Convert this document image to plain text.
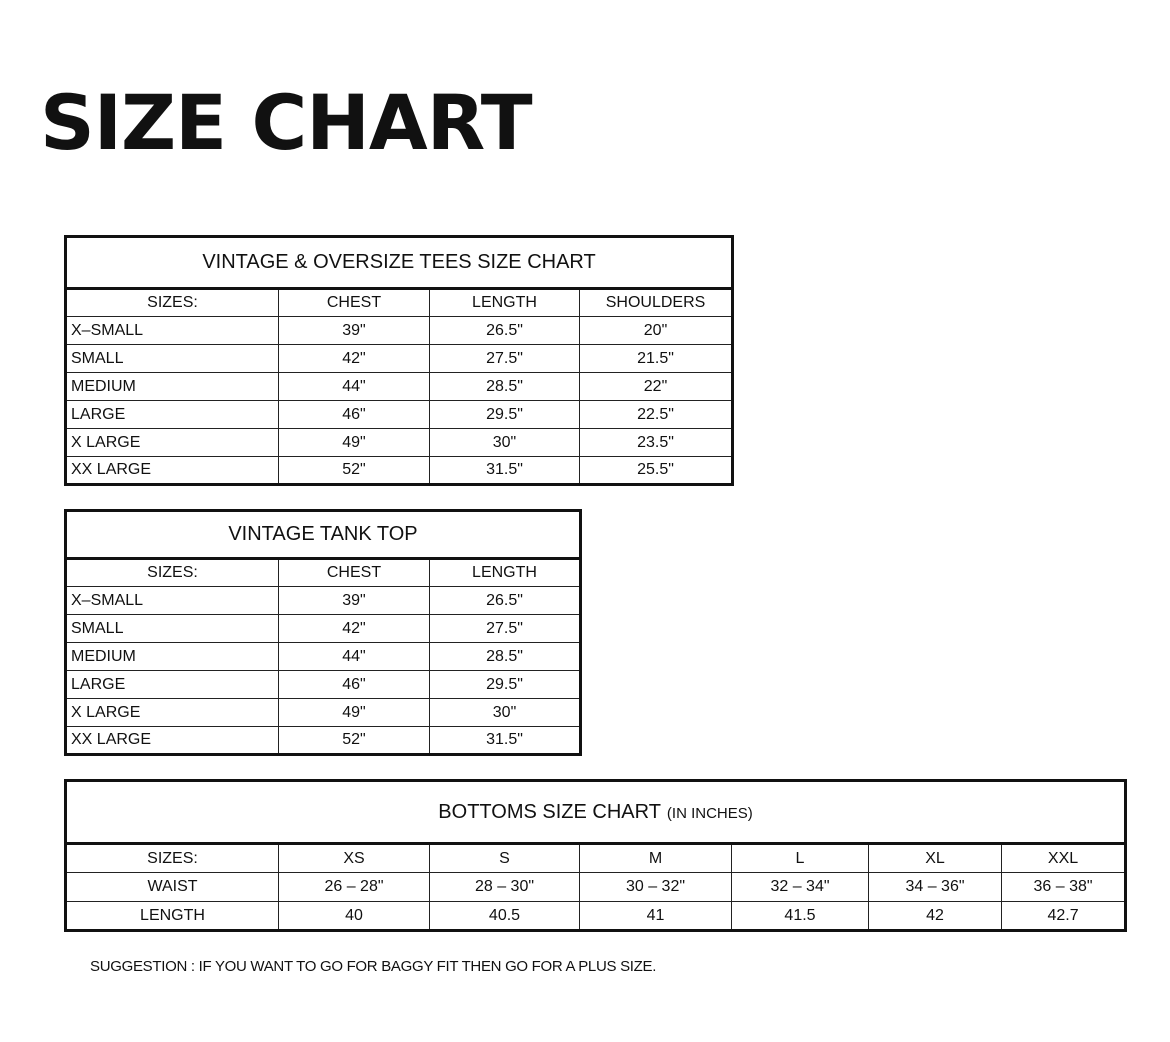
SIZE CHART
VINTAGE & OVERSIZE TEES SIZE CHART			
SIZES:	CHEST	LENGTH	SHOULDERS
X–SMALL	39"	26.5"	20"
SMALL	42"	27.5"	21.5"
MEDIUM	44"	28.5"	22"
LARGE	46"	29.5"	22.5"
X LARGE	49"	30"	23.5"
XX LARGE	52"	31.5"	25.5"
VINTAGE TANK TOP		
SIZES:	CHEST	LENGTH
X–SMALL	39"	26.5"
SMALL	42"	27.5"
MEDIUM	44"	28.5"
LARGE	46"	29.5"
X LARGE	49"	30"
XX LARGE	52"	31.5"
BOTTOMS SIZE CHART (IN INCHES)						
SIZES:	XS	S	M	L	XL	XXL
WAIST	26 – 28"	28 – 30"	30 – 32"	32 – 34"	34 – 36"	36 – 38"
LENGTH	40	40.5	41	41.5	42	42.7
SUGGESTION : IF YOU WANT TO GO FOR BAGGY FIT THEN GO FOR A PLUS SIZE.
